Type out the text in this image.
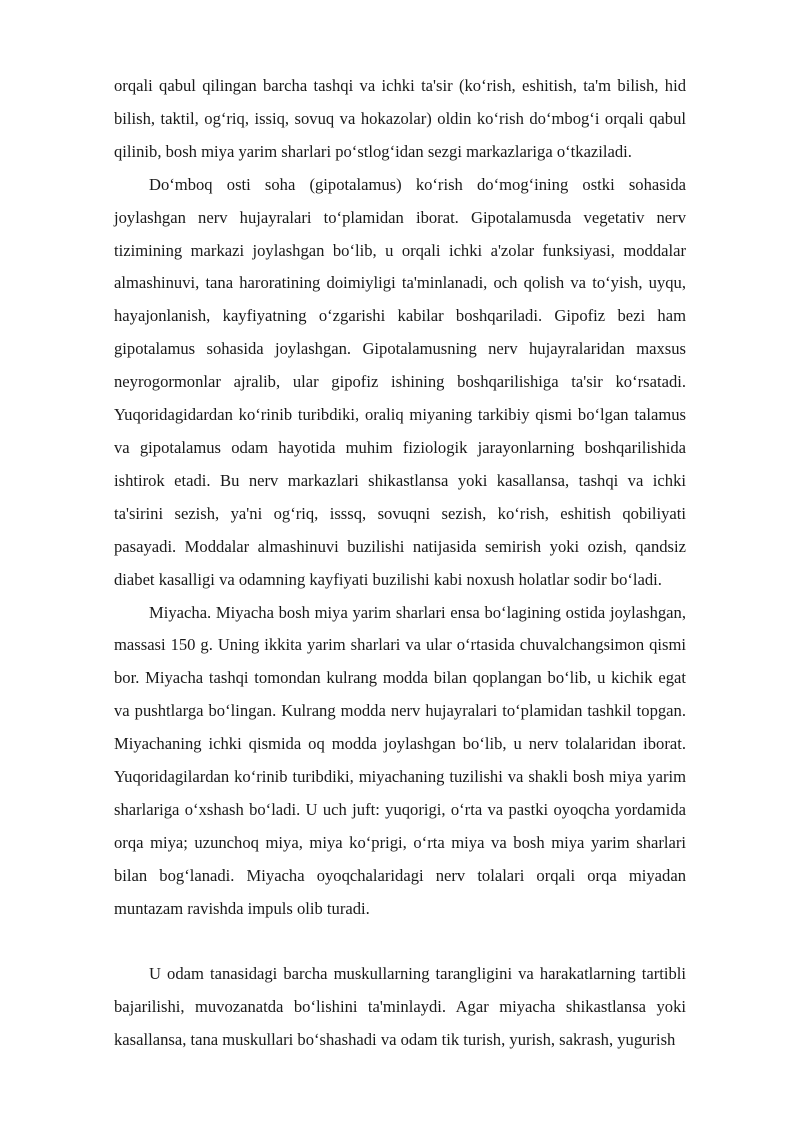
orqali qabul qilingan barcha tashqi va ichki ta'sir (ko‘rish, eshitish, ta'm bilish, hid bilish, taktil, og‘riq, issiq, sovuq va hokazolar) oldin ko‘rish do‘mbog‘i orqali qabul qilinib, bosh miya yarim sharlari po‘stlog‘idan sezgi markazlariga o‘tkaziladi.

Do‘mboq osti soha (gipotalamus) ko‘rish do‘mog‘ining ostki sohasida joylashgan nerv hujayralari to‘plamidan iborat. Gipotalamusda vegetativ nerv tizimining markazi joylashgan bo‘lib, u orqali ichki a'zolar funksiyasi, moddalar almashinuvi, tana haroratining doimiyligi ta'minlanadi, och qolish va to‘yish, uyqu, hayajonlanish, kayfiyatning o‘zgarishi kabilar boshqariladi. Gipofiz bezi ham gipotalamus sohasida joylashgan. Gipotalamusning nerv hujayralaridan maxsus neyrogormonlar ajralib, ular gipofiz ishining boshqarilishiga ta'sir ko‘rsatadi. Yuqoridagidardan ko‘rinib turibdiki, oraliq miyaning tarkibiy qismi bo‘lgan talamus va gipotalamus odam hayotida muhim fiziologik jarayonlarning boshqarilishida ishtirok etadi. Bu nerv markazlari shikastlansa yoki kasallansa, tashqi va ichki ta'sirini sezish, ya'ni og‘riq, isssq, sovuqni sezish, ko‘rish, eshitish qobiliyati pasayadi. Moddalar almashinuvi buzilishi natijasida semirish yoki ozish, qandsiz diabet kasalligi va odamning kayfiyati buzilishi kabi noxush holatlar sodir bo‘ladi.

Miyacha. Miyacha bosh miya yarim sharlari ensa bo‘lagining ostida joylashgan, massasi 150 g. Uning ikkita yarim sharlari va ular o‘rtasida chuvalchangsimon qismi bor. Miyacha tashqi tomondan kulrang modda bilan qoplangan bo‘lib, u kichik egat va pushtlarga bo‘lingan. Kulrang modda nerv hujayralari to‘plamidan tashkil topgan. Miyachaning ichki qismida oq modda joylashgan bo‘lib, u nerv tolalaridan iborat. Yuqoridagilardan ko‘rinib turibdiki, miyachaning tuzilishi va shakli bosh miya yarim sharlariga o‘xshash bo‘ladi. U uch juft: yuqorigi, o‘rta va pastki oyoqcha yordamida orqa miya; uzunchoq miya, miya ko‘prigi, o‘rta miya va bosh miya yarim sharlari bilan bog‘lanadi. Miyacha oyoqchalaridagi nerv tolalari orqali orqa miyadan muntazam ravishda impuls olib turadi.

U odam tanasidagi barcha muskullarning tarangligini va harakatlarning tartibli bajarilishi, muvozanatda bo‘lishini ta'minlaydi. Agar miyacha shikastlansa yoki kasallansa, tana muskullari bo‘shashadi va odam tik turish, yurish, sakrash, yugurish
